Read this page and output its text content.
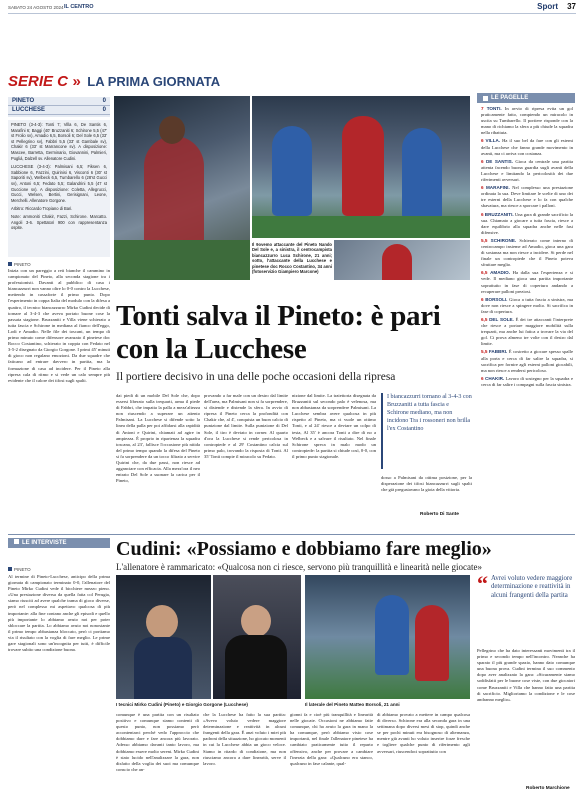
SABATO 24 AGOSTO 2024 IL CENTRO	Sport 37
SERIE C » LA PRIMA GIORNATA
PINETO	0
LUCCHESE	0

PINETO (3-4-3): Tonti 7; Villa 6, De Santis 6, Marafini 6; Baggi (40' Bruzzaniti 6; Schirone 5,5 (47' st Frolio sv), Amadio 6,5, Borsoli 6; Del Sole 6,5 (33' st Pellegrino sv), Fabbri 5,5 (33' st Gambale sv), Chakir 6 (33' st Marrancone sv). A disposizione: Mascee, Barretta, Germinario, Giovannini, Palmieri, Pogliá, Dalzell sv. Allenatore Cudini.

LUCCHESE (3-4-3): Palmisani 6,5; Fiksen 6, Sabbione 6, Fazzini, Quirinisi 6, Visconti 6 (30' st Saporiti sv), Welbeck 6,5, Tumbarello 6 (28'st Gucci sv), Antoni 6,5; Fedato 5,5; Galandrini 5,5 (47 st Guccione sv). A disposizione: Coletta, Allegrucci, Gucci, Welsen, Bertini, Gerisignani, Leone, Merchelli. Allenatore Gorgone.

Arbitro: Riccardo Tropiano di Bari.

Note: ammoniti Chakir, Fazzi, Schirone. Marcatto. Angoli 3-6. Spettatori 900 con rappresentanza ospite.

PINETO

Inizia con un pareggio a reti bianche il cammino in campionato del Pineto, alla seconda stagione tra i professionisti. Davanti al pubblico di casa i biancazzurri non vanno oltre lo 0-0 contro la Lucchese, mettendo in cassaforte il primo punto. Dopo l'esperimento in coppa Italia del modulo con la difesa a quattro, il tecnico biancazzurro Mirko Cudini decide di tornare al 3-4-3 che aveva portato buone cose la passata stagione. Bruzzaniti e Villa viene schierato a tutta fascia e Schirone in mediana al fianco dell'eggo, Lodi e Amadio. Nelle file dei toscani, un tempo di primo minuto come difensore avanzato il pinetese doc Rocco Costantino, schierato in coppia con Fedato nel 3-5-2 disegnato da Giorgio Gorgone. I primi 45' minuti di gioco non regalano emozioni. Da due squadre che faticano ad entrare davvero in partita, ma la formazione di casa ad incidere. Per il Pineto alla ripresa cala di ritmo e si vede un calo sempre più evidente che il calore dei tifosi sugli spalti.

Il 9ovemo attaccante del Pineto Nando Del Sole e, a sinistra, il centrocampista biancazzurro Luca Schirone, 21 anni; sotto, l'attaccante della Lucchese e pinetese doc Rocco Costantino, 34 anni (fotoservizio Giampiero Marcone)

Tonti salva il Pineto: è pari con la Lucchese
Il portiere decisivo in una delle poche occasioni della ripresa

dai piedi di un mobile Del Sole che, dopo essersi liberato sulla trequarti, arma il piede di Fabbri, che impatta la palla a mezz'altezza non riuscendo a superare un attento Palmisani. La Lucchese si difende sotto la linea della palla per poi affidarsi alla rapidità di Antoni e Quirini, chiamati ad agire in ampiezza. È proprio in ripartenza la squadra toscana, al 23', fallisce l'occasione più nitida del primo tempo quando la difesa del Pineto si fa sorprendere da un tocco filtrato a servire Quirini che, da due passi, non riesce ad agganciare con efficacia. Alla mezz'ora il neo entrato Del Sole a suonare la carica per il Pineto,

provando a far male con un destro dal limite dell'area, ma Palmisani non si fa sorprendere, si distende e distende la sfera. In avvio di ripresa il Pineto cerca la profondità con Chakir che, al 4', conquista un buon calcio di punizione dal limite. Sulla punizione di Del Sole, il tiro è deviato in corner. Al quarto d'ora la Lucchese si rende pericolosa in contropiede e al 29' Costantino calcia sul primo palo, trovando la risposta di Tonti. Al 35' Tonti compie il miracolo su Fedato.

nizione dal limite. La traiettoria disegnata da Bruzzaniti sul secondo palo è velenosa, ma non abbastanza da sorprendere Palmisani. La Lucchese sembra avere qualcosa in più rispetto al Pineto, ma ci vuole un ottimo Tonti, e al 24' riesce a deviare un colpo di testa, Al 35' è ancora Tonti a dire di no a Welbeck e a salvare il risultato. Nel finale Schirone spreca in malo modo un contropiede: la partita si chiude così, 0-0, con il primo punto stagionale.

I biancazzurri tornano al 3-4-3 con Bruzzaniti a tutta fascia e Schirone mediano, ma non incidono Tra i rossoneri non brilla l'ex Costantino

dosso a Palmisani da ottima posizione, per la disperazione dei tifosi biancazzurri sugli spalti che già pregustavano la gioia della vittoria.

Roberto Di Sante
LE PAGELLE

7 TONTI. In avvio di ripresa evita un gol praticamente fatto, compiendo un miracolo in uscita su Tumbarello. Il portiere risponde con la mano di richiamo la sfera a più chiude la squadra nella ribattuta.

6 VILLA. Ha il suo bel da fare con gli esterni della Lucchese che fanno grande movimento in avanti, ma ci arriva con costanza.

6 DE SANTIS. Gioca da centrale una partita attenta facendo buona guardia sugli avanti della Lucchese e limitando la pericolosità dei due riferimenti avversari.

6 MARAFINI. Nel complesso una prestazione ordinata la sua. Deve limitare le scelte di uno dei tre esterni della Lucchese e lo fa con qualche sbavatura, ma riesce a sporcare i palloni.

6 BRUZZANITI. Una gara di grande sacrificio la sua. Chiamato a giocare a tutta fascia, riesce a dare equilibrio alla squadra anche nelle fasi difensive.

5,5 SCHIRONE. Schierato come interno di centrocampo insieme ad Amadio, gioca una gara di sostanza ma non riesce a incidere. Si perde nel finale un contropiede che il Pineto poteva sfruttare meglio.

6,5 AMADIO. Ha dalla sua l'esperienza e si vede. Il mediano gioca una partita importante soprattutto in fase di copertura andando a recuperare palloni preziosi.

6 BORSOLI. Gioca a tutta fascia a sinistra, ma dove non riesce a spingere molto. Si sacrifica in fase di copertura.

6,5 DEL SOLE. È dei tre attaccanti l'interprete che riesce a portare maggiore mobilità sulla trequarti, ma anche lui fatica a trovare la via del gol. Ci prova almeno tre volte con il destro dal limite.

5,5 FABBRI. È costretto a giocare spesso spalle alla porta e cerca di far salire la squadra, si sacrifica per fornire agli esterni palloni giocabili, ma non riesce a rendersi pericoloso.

6 CHAKIR. Lavoro di sostegno per la squadra e cerca di far salire i compagni sulla fascia sinistra.

LE INTERVISTE	Cudini: «Possiamo e dobbiamo fare meglio»
L'allenatore è rammaricato: «Qualcosa non ci riesce, servono più tranquillità e linearità nelle giocate»
PINETO

Al termine di Pineto-Lucchese, anticipo della prima giornata di campionato terminato 0-0, l'allenatore del Pineto Mirko Cudini vede il bicchiere mezzo pieno. «Una prestazione diversa da quella fatta col Perugia, siamo riusciti ad avere qualche trama di gioco diverse, però nel complesso mi aspettavo qualcosa di più importante: alla fine contano anche gli episodi e quello più importante lo abbiamo avuto noi per poter sbloccare la partita. Lo abbiamo avuto noi nonostante il primo tempo abbastanza bloccato, però ci portiamo via il risultato con la voglia di fare meglio. Le prime gare stagionali sono un'incognita per tutti, è difficile trovare subito una condizione buona.

I tecnici Mirko Cudini (Pineto) e Giorgio Gorgone (Lucchese)	Il laterale del Pineto Matteo Borsoli, 21 anni

comunque è una partita con un risultato positivo e comunque siamo contenti di questo punto, non possiamo però accontentarci perché vedo l'approccio che dobbiamo dare e fare ancora più lavorato. Adesso abbiamo davanti tanto lavoro, ma dobbiamo essere molto sereni. Mirko Cudini è stato lucido nell'analizzare la gara, non disfatto della voglia dei suoi ma comunque conscio che an-

che la Lucchese ha fatto la sua partita: «Avevo voluto vedere maggiore determinazione e reattività in alcuni frangenti della gara. È anzi voluto i miei più padroni della situazione, ho giocato momenti in cui la Lucchese abbia un gioco veloce. Siamo in ritardo di condizione, ma non riusciamo ancora a dare linearità, serve il lavoro.

gionni fa e cioè più tranquillità e linearità nelle giocate. Occasioni ne abbiamo fatte comunque, chi ha avuto la gara in mano la ha comunque, però abbiamo visto cose importanti, nel finale l'allenatore pinetese ha cambiato praticamente tutto il reparto offensivo, anche per provare a cambiare l'inerzia della gara: «Qualcuno era stanco, qualcuno in fase calante, qual-

di abbiamo provato a mettere in campo qualcosa di diverso. Schirone era alla seconda gara in una settimana dopo diversi mesi di stop, quindi anche se per pochi minuti era bisognoso di alternanza, mentre già avanti ho voluto inserire forze fresche e togliere qualche punto di riferimento agli avversari, riuscendoci soprattutto con

“ Avrei voluto vedere maggiore determinazione e reattività in alcuni frangenti della partita

Pellegrino che ha dato interessanti movimenti tra il primo e secondo tempo nell'incontro. Neanche ha sparato il più grande spazio, hanno dato comunque una buona prova. Cudini termina il suo commento dopo aver analizzato la gara: «Sicuramente siamo soddisfatti per le buone cose viste, con due giocatori come Bruzzaniti e Villa che hanno fatto una partita di sacrificio. Miglioriamo la condizione e le cose andranno meglio».

Roberto Marchione
